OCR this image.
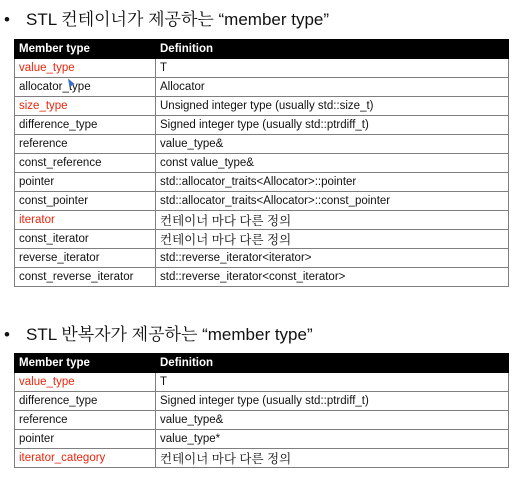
• STL 컨테이너가 제공하는 “member type”
Member type	Definition
value_type	T
allocator_type	Allocator
size_type	Unsigned integer type (usually std::size_t)
difference_type	Signed integer type (usually std::ptrdiff_t)
reference	value_type&
const_reference	const value_type&
pointer	std::allocator_traits<Allocator>::pointer
const_pointer	std::allocator_traits<Allocator>::const_pointer
iterator	컨테이너 마다 다른 정의
const_iterator	컨테이너 마다 다른 정의
reverse_iterator	std::reverse_iterator<iterator>
const_reverse_iterator	std::reverse_iterator<const_iterator>
• STL 반복자가 제공하는 “member type”
Member type	Definition
value_type	T
difference_type	Signed integer type (usually std::ptrdiff_t)
reference	value_type&
pointer	value_type*
iterator_category	컨테이너 마다 다른 정의
